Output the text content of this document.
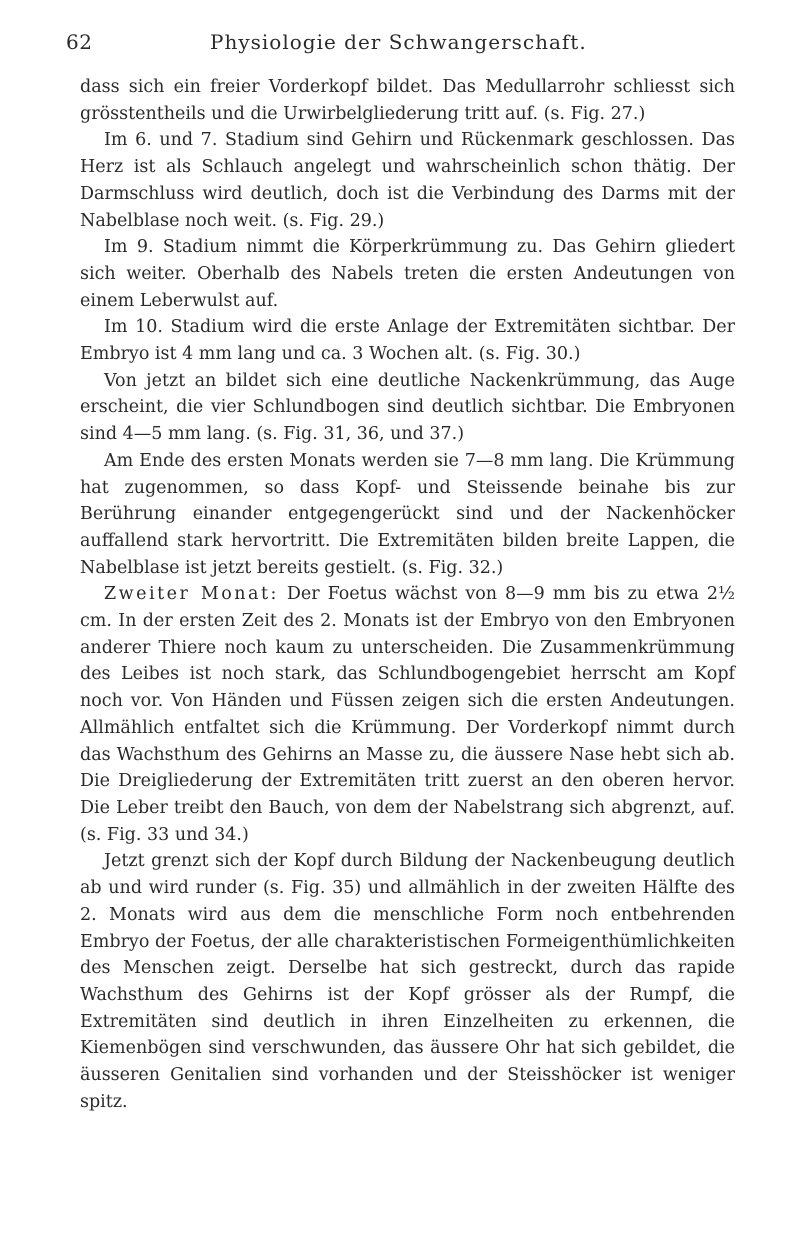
62	Physiologie der Schwangerschaft.

dass sich ein freier Vorderkopf bildet. Das Medullarrohr schliesst sich grösstentheils und die Urwirbelgliederung tritt auf. (s. Fig. 27.)

Im 6. und 7. Stadium sind Gehirn und Rückenmark geschlossen. Das Herz ist als Schlauch angelegt und wahrscheinlich schon thätig. Der Darmschluss wird deutlich, doch ist die Verbindung des Darms mit der Nabelblase noch weit. (s. Fig. 29.)

Im 9. Stadium nimmt die Körperkrümmung zu. Das Gehirn gliedert sich weiter. Oberhalb des Nabels treten die ersten Andeutungen von einem Leberwulst auf.

Im 10. Stadium wird die erste Anlage der Extremitäten sichtbar. Der Embryo ist 4 mm lang und ca. 3 Wochen alt. (s. Fig. 30.)

Von jetzt an bildet sich eine deutliche Nackenkrümmung, das Auge erscheint, die vier Schlundbogen sind deutlich sichtbar. Die Embryonen sind 4—5 mm lang. (s. Fig. 31, 36, und 37.)

Am Ende des ersten Monats werden sie 7—8 mm lang. Die Krümmung hat zugenommen, so dass Kopf- und Steissende beinahe bis zur Berührung einander entgegengerückt sind und der Nackenhöcker auffallend stark hervortritt. Die Extremitäten bilden breite Lappen, die Nabelblase ist jetzt bereits gestielt. (s. Fig. 32.)

Zweiter Monat: Der Foetus wächst von 8—9 mm bis zu etwa 2½ cm. In der ersten Zeit des 2. Monats ist der Embryo von den Embryonen anderer Thiere noch kaum zu unterscheiden. Die Zusammenkrümmung des Leibes ist noch stark, das Schlundbogengebiet herrscht am Kopf noch vor. Von Händen und Füssen zeigen sich die ersten Andeutungen. Allmählich entfaltet sich die Krümmung. Der Vorderkopf nimmt durch das Wachsthum des Gehirns an Masse zu, die äussere Nase hebt sich ab. Die Dreigliederung der Extremitäten tritt zuerst an den oberen hervor. Die Leber treibt den Bauch, von dem der Nabelstrang sich abgrenzt, auf. (s. Fig. 33 und 34.)

Jetzt grenzt sich der Kopf durch Bildung der Nackenbeugung deutlich ab und wird runder (s. Fig. 35) und allmählich in der zweiten Hälfte des 2. Monats wird aus dem die menschliche Form noch entbehrenden Embryo der Foetus, der alle charakteristischen Formeigenthümlichkeiten des Menschen zeigt. Derselbe hat sich gestreckt, durch das rapide Wachsthum des Gehirns ist der Kopf grösser als der Rumpf, die Extremitäten sind deutlich in ihren Einzelheiten zu erkennen, die Kiemenbögen sind verschwunden, das äussere Ohr hat sich gebildet, die äusseren Genitalien sind vorhanden und der Steisshöcker ist weniger spitz.
